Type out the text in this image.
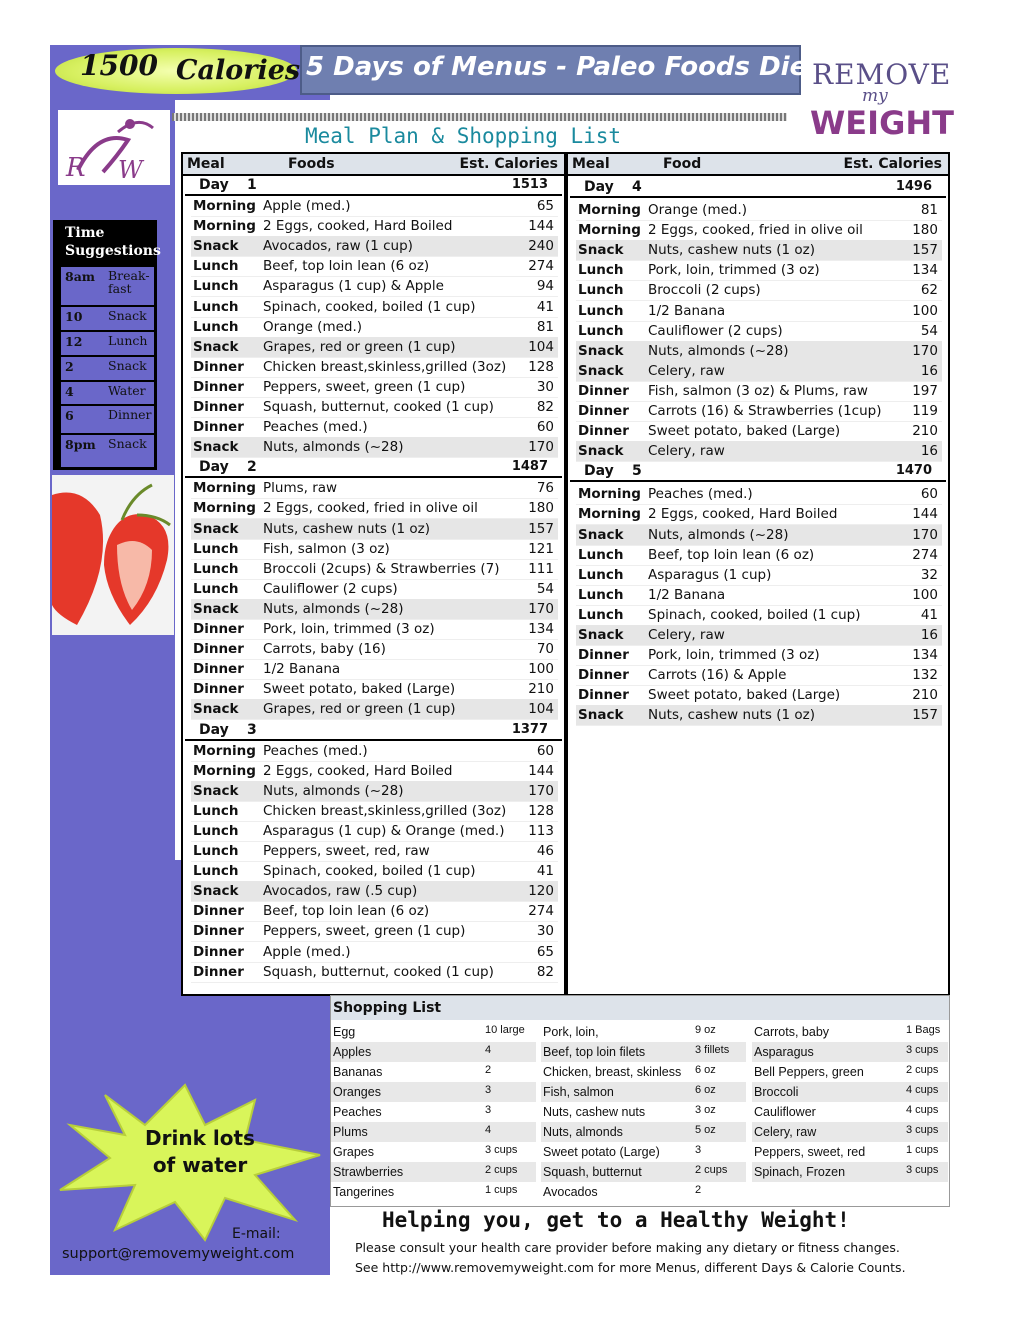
1500 Calories 5 Days of Menus - Paleo Foods Diet
REMOVE
my
WEIGHT
R W
Meal Plan & Shopping List
Time
Suggestions
8am Break- fast
10 Snack
12 Lunch
2	Snack
4	Water
6	Dinner
8pm Snack
Drink lots
of water
E-mail:
support@removemyweight.com
Meal	Foods	Est. Calories
Day 1	1513
Morning Apple (med.)	65
Morning 2 Eggs, cooked, Hard Boiled	144
Snack Avocados, raw (1 cup)	240
Lunch Beef, top loin lean (6 oz)	274
Lunch Asparagus (1 cup) & Apple	94
Lunch Spinach, cooked, boiled (1 cup)	41
Lunch Orange (med.)	81
Snack Grapes, red or green (1 cup)	104
Dinner Chicken breast,skinless,grilled (3oz) 128
Dinner Peppers, sweet, green (1 cup)	30
Dinner Squash, butternut, cooked (1 cup)	82
Dinner Peaches (med.)	60
Snack Nuts, almonds (~28)	170
Day 2	1487
Morning Plums, raw	76
Morning 2 Eggs, cooked, fried in olive oil	180
Snack Nuts, cashew nuts (1 oz)	157
Lunch Fish, salmon (3 oz)	121
Lunch Broccoli (2cups) & Strawberries (7) 111
Lunch Cauliflower (2 cups)	54
Snack Nuts, almonds (~28)	170
Dinner Pork, loin, trimmed (3 oz)	134
Dinner Carrots, baby (16)	70
Dinner 1/2 Banana	100
Dinner Sweet potato, baked (Large)	210
Snack Grapes, red or green (1 cup)	104
Day 3	1377
Morning Peaches (med.)	60
Morning 2 Eggs, cooked, Hard Boiled	144
Snack Nuts, almonds (~28)	170
Lunch Chicken breast,skinless,grilled (3oz) 128
Lunch Asparagus (1 cup) & Orange (med.) 113
Lunch Peppers, sweet, red, raw	46
Lunch Spinach, cooked, boiled (1 cup)	41
Snack Avocados, raw (.5 cup)	120
Dinner Beef, top loin lean (6 oz)	274
Dinner Peppers, sweet, green (1 cup)	30
Dinner Apple (med.)	65
Dinner Squash, butternut, cooked (1 cup)	82
Meal	Food	Est. Calories
Day 4	1496
Morning Orange (med.)	81
Morning 2 Eggs, cooked, fried in olive oil	180
Snack Nuts, cashew nuts (1 oz)	157
Lunch Pork, loin, trimmed (3 oz)	134
Lunch Broccoli (2 cups)	62
Lunch 1/2 Banana	100
Lunch Cauliflower (2 cups)	54
Snack Nuts, almonds (~28)	170
Snack Celery, raw	16
Dinner Fish, salmon (3 oz) & Plums, raw	197
Dinner Carrots (16) & Strawberries (1cup) 119
Dinner Sweet potato, baked (Large)	210
Snack Celery, raw	16
Day 5	1470
Morning Peaches (med.)	60
Morning 2 Eggs, cooked, Hard Boiled	144
Snack Nuts, almonds (~28)	170
Lunch Beef, top loin lean (6 oz)	274
Lunch Asparagus (1 cup)	32
Lunch 1/2 Banana	100
Lunch Spinach, cooked, boiled (1 cup)	41
Snack Celery, raw	16
Dinner Pork, loin, trimmed (3 oz)	134
Dinner Carrots (16) & Apple	132
Dinner Sweet potato, baked (Large)	210
Snack Nuts, cashew nuts (1 oz)	157
Shopping List
Egg	10 large
Apples	4
Bananas	2
Oranges	3
Peaches	3
Plums	4
Grapes	3 cups
Strawberries	2 cups
Tangerines	1 cups
Pork, loin,	9 oz
Beef, top loin filets	3 fillets
Chicken, breast, skinless 6 oz
Fish, salmon	6 oz
Nuts, cashew nuts	3 oz
Nuts, almonds	5 oz
Sweet potato (Large)	3
Squash, butternut	2 cups
Avocados	2
Carrots, baby	1 Bags
Asparagus	3 cups
Bell Peppers, green	2 cups
Broccoli	4 cups
Cauliflower	4 cups
Celery, raw	3 cups
Peppers, sweet, red	1 cups
Spinach, Frozen	3 cups
Helping you, get to a Healthy Weight!
Please consult your health care provider before making any dietary or fitness changes.
See http://www.removemyweight.com for more Menus, different Days & Calorie Counts.
